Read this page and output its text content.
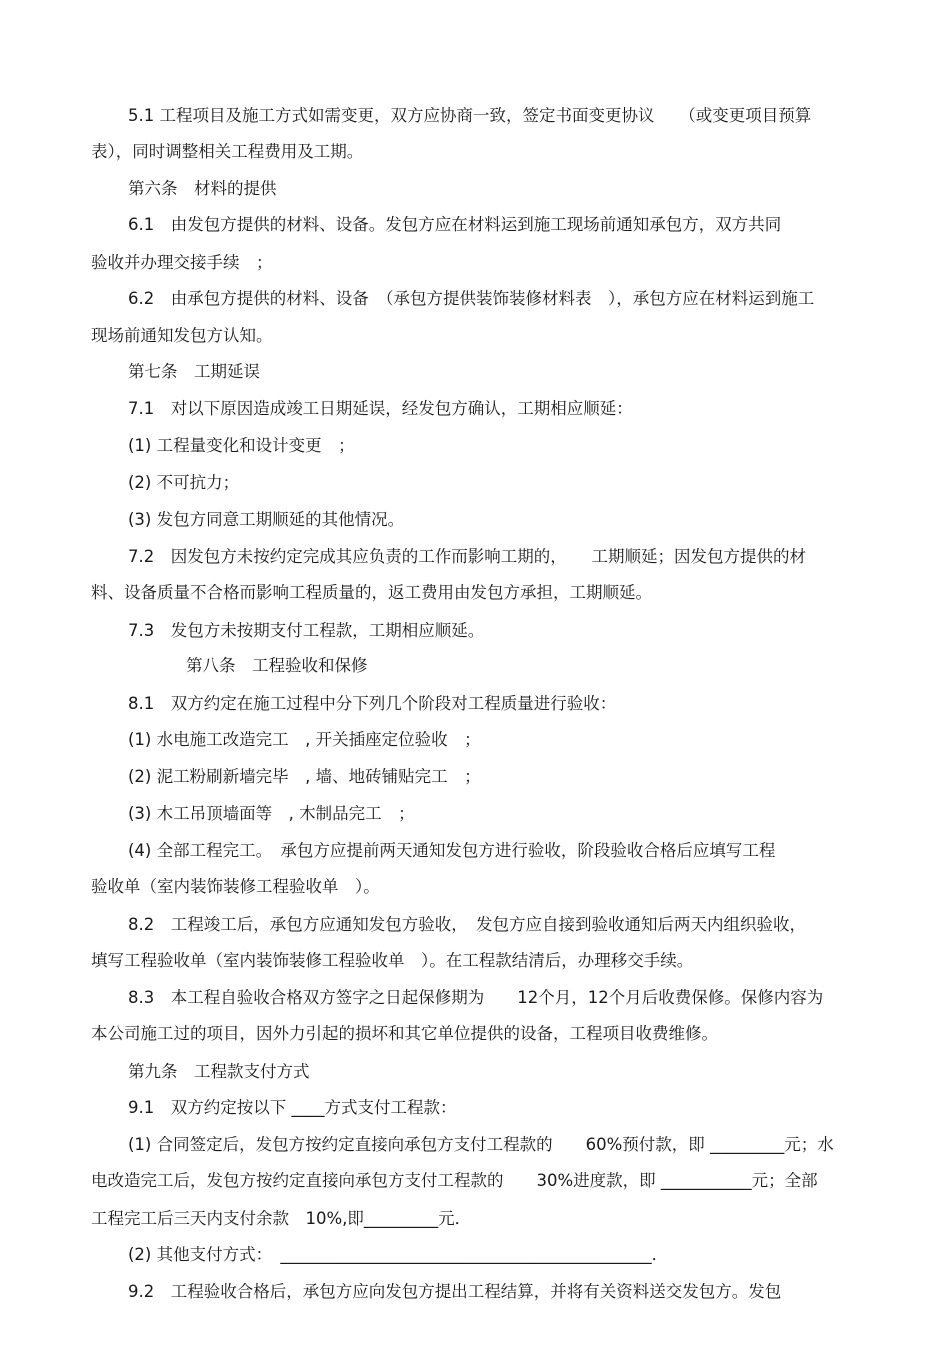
5.1 工程项目及施工方式如需变更，双方应协商一致，签定书面变更协议　　（或变更项目预算
表），同时调整相关工程费用及工期。
第六条　材料的提供
6.1　由发包方提供的材料、设备。发包方应在材料运到施工现场前通知承包方，双方共同
验收并办理交接手续　；
6.2　由承包方提供的材料、设备　（承包方提供装饰装修材料表　），承包方应在材料运到施工
现场前通知发包方认知。
第七条　工期延误
7.1　对以下原因造成竣工日期延误，经发包方确认，工期相应顺延：
(1) 工程量变化和设计变更　；
(2) 不可抗力；
(3) 发包方同意工期顺延的其他情况。
7.2　因发包方未按约定完成其应负责的工作而影响工期的，　　工期顺延；因发包方提供的材
料、设备质量不合格而影响工程质量的，返工费用由发包方承担，工期顺延。
7.3　发包方未按期支付工程款，工期相应顺延。
第八条　工程验收和保修
8.1　双方约定在施工过程中分下列几个阶段对工程质量进行验收：
(1) 水电施工改造完工　, 开关插座定位验收　；
(2) 泥工粉刷新墙完毕　, 墙、地砖铺贴完工　；
(3) 木工吊顶墙面等　, 木制品完工　；
(4) 全部工程完工。　承包方应提前两天通知发包方进行验收，阶段验收合格后应填写工程
验收单（室内装饰装修工程验收单　）。
8.2　工程竣工后，承包方应通知发包方验收，　发包方应自接到验收通知后两天内组织验收，
填写工程验收单（室内装饰装修工程验收单　）。在工程款结清后，办理移交手续。
8.3　本工程自验收合格双方签字之日起保修期为　　12个月，12个月后收费保修。保修内容为
本公司施工过的项目，因外力引起的损坏和其它单位提供的设备，工程项目收费维修。
第九条　工程款支付方式
9.1　双方约定按以下 ____方式支付工程款：
(1) 合同签定后，发包方按约定直接向承包方支付工程款的　　60%预付款，即 _________元；水
电改造完工后，发包方按约定直接向承包方支付工程款的　　30%进度款，即 ___________元；全部
工程完工后三天内支付余款　10%,即_________元．
(2) 其他支付方式：　_____________________________________________．
9.2　工程验收合格后，承包方应向发包方提出工程结算，并将有关资料送交发包方。发包
